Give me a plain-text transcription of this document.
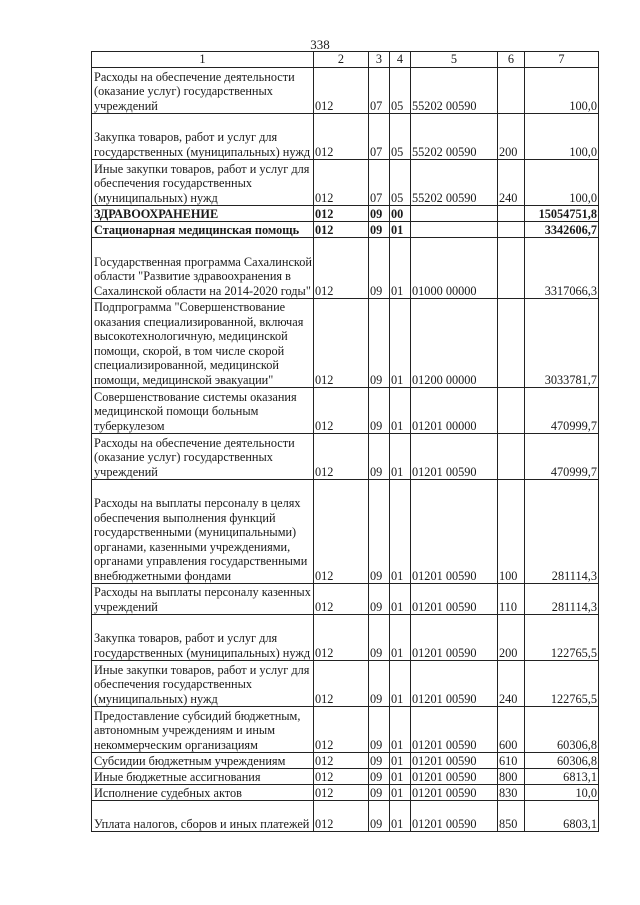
338
1	2	3	4	5	6	7
Расходы на обеспечение деятельности (оказание услуг) государственных учреждений	012	07	05	55202 00590		100,0
Закупка товаров, работ и услуг для государственных (муниципальных) нужд	012	07	05	55202 00590	200	100,0
Иные закупки товаров, работ и услуг для обеспечения государственных (муниципальных) нужд	012	07	05	55202 00590	240	100,0
ЗДРАВООХРАНЕНИЕ	012	09	00			15054751,8
Стационарная медицинская помощь	012	09	01			3342606,7
Государственная программа Сахалинской области "Развитие здравоохранения в Сахалинской области на 2014-2020 годы"	012	09	01	01000 00000		3317066,3
Подпрограмма "Совершенствование оказания специализированной, включая высокотехнологичную, медицинской помощи, скорой, в том числе скорой специализированной, медицинской помощи, медицинской эвакуации"	012	09	01	01200 00000		3033781,7
Совершенствование системы оказания медицинской помощи больным туберкулезом	012	09	01	01201 00000		470999,7
Расходы на обеспечение деятельности (оказание услуг) государственных учреждений	012	09	01	01201 00590		470999,7
Расходы на выплаты персоналу в целях обеспечения выполнения функций государственными (муниципальными) органами, казенными учреждениями, органами управления государственными внебюджетными фондами	012	09	01	01201 00590	100	281114,3
Расходы на выплаты персоналу казенных учреждений	012	09	01	01201 00590	110	281114,3
Закупка товаров, работ и услуг для государственных (муниципальных) нужд	012	09	01	01201 00590	200	122765,5
Иные закупки товаров, работ и услуг для обеспечения государственных (муниципальных) нужд	012	09	01	01201 00590	240	122765,5
Предоставление субсидий бюджетным, автономным учреждениям и иным некоммерческим организациям	012	09	01	01201 00590	600	60306,8
Субсидии бюджетным учреждениям	012	09	01	01201 00590	610	60306,8
Иные бюджетные ассигнования	012	09	01	01201 00590	800	6813,1
Исполнение судебных актов	012	09	01	01201 00590	830	10,0
Уплата налогов, сборов и иных платежей	012	09	01	01201 00590	850	6803,1
